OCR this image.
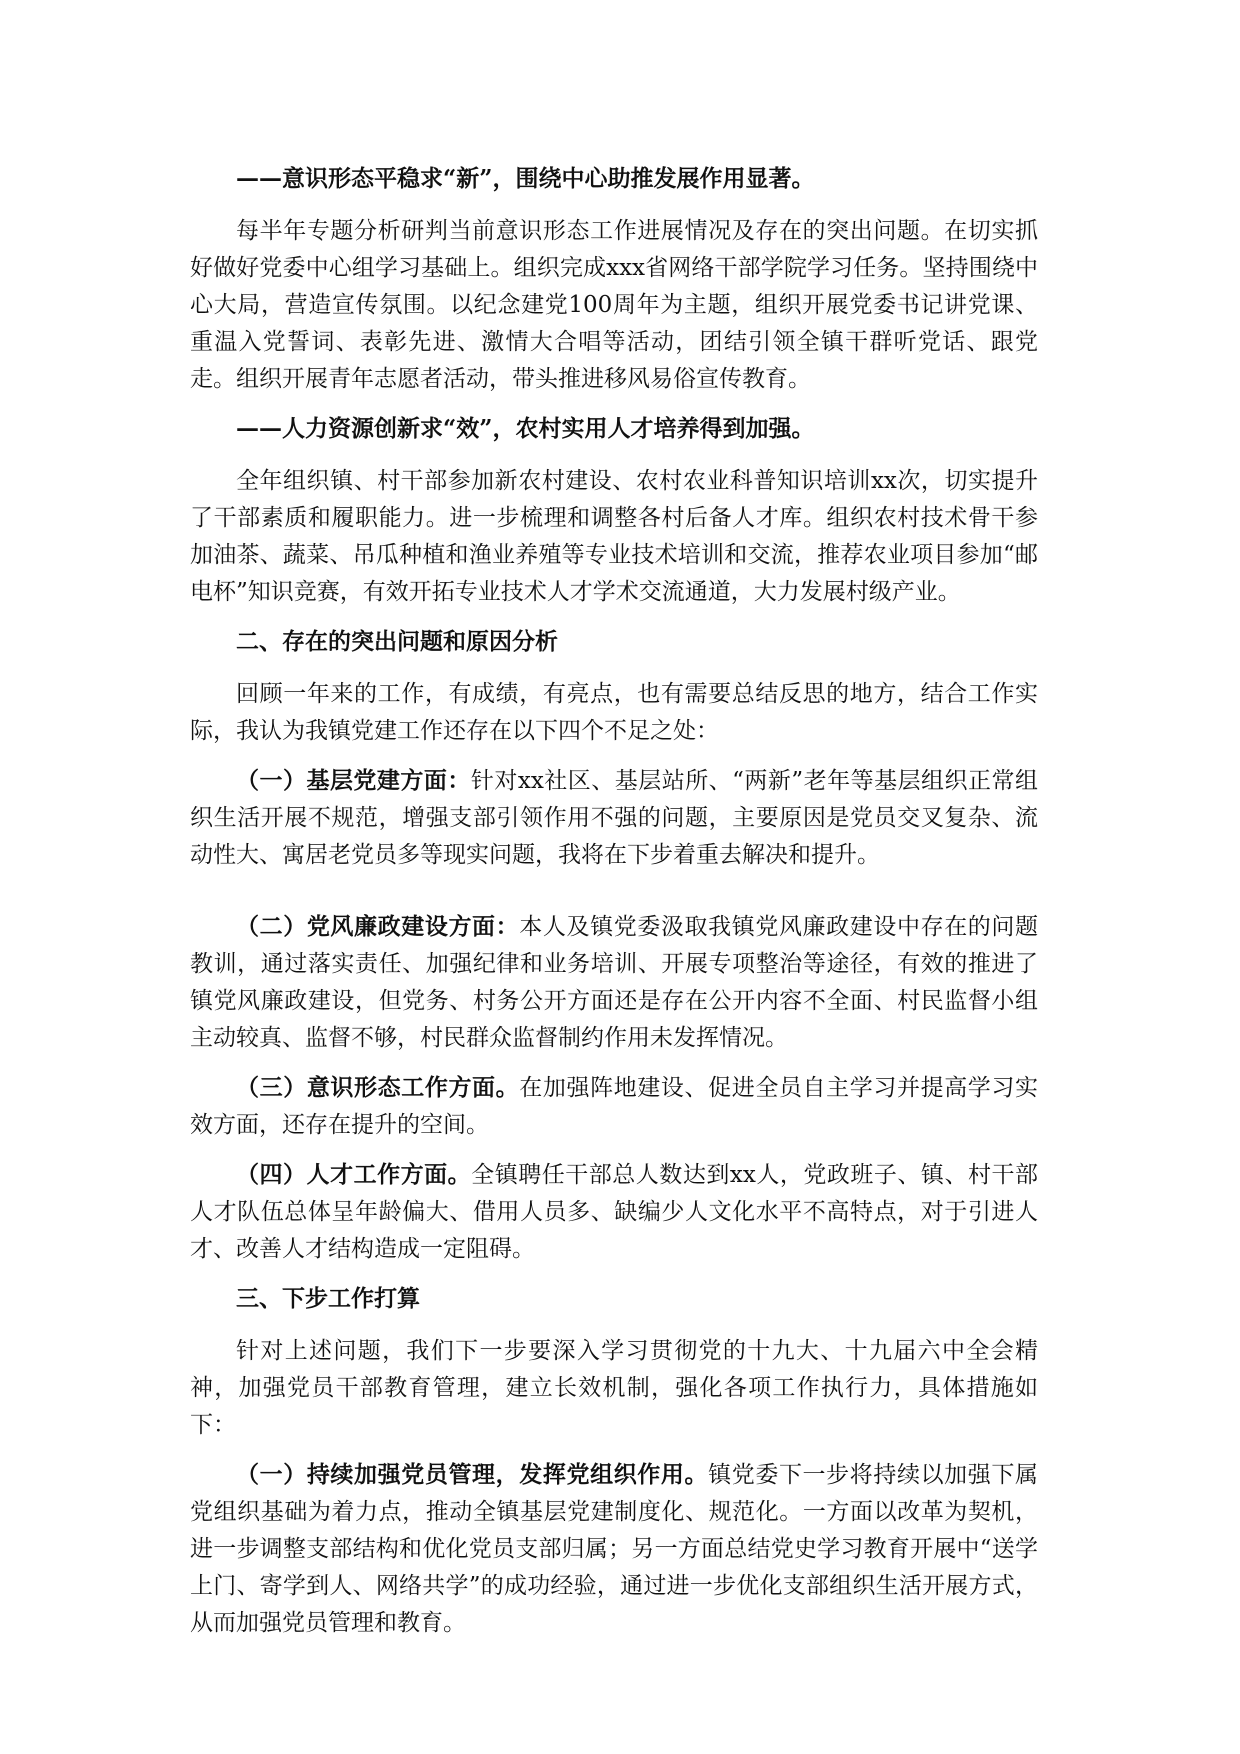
——意识形态平稳求“新”，围绕中心助推发展作用显著。

每半年专题分析研判当前意识形态工作进展情况及存在的突出问题。在切实抓好做好党委中心组学习基础上。组织完成xxx省网络干部学院学习任务。坚持围绕中心大局，营造宣传氛围。以纪念建党100周年为主题，组织开展党委书记讲党课、重温入党誓词、表彰先进、激情大合唱等活动，团结引领全镇干群听党话、跟党走。组织开展青年志愿者活动，带头推进移风易俗宣传教育。

——人力资源创新求“效”，农村实用人才培养得到加强。

全年组织镇、村干部参加新农村建设、农村农业科普知识培训xx次，切实提升了干部素质和履职能力。进一步梳理和调整各村后备人才库。组织农村技术骨干参加油茶、蔬菜、吊瓜种植和渔业养殖等专业技术培训和交流，推荐农业项目参加“邮电杯”知识竞赛，有效开拓专业技术人才学术交流通道，大力发展村级产业。

二、存在的突出问题和原因分析

回顾一年来的工作，有成绩，有亮点，也有需要总结反思的地方，结合工作实际，我认为我镇党建工作还存在以下四个不足之处：

（一）基层党建方面：针对xx社区、基层站所、“两新”老年等基层组织正常组织生活开展不规范，增强支部引领作用不强的问题，主要原因是党员交叉复杂、流动性大、寓居老党员多等现实问题，我将在下步着重去解决和提升。

（二）党风廉政建设方面：本人及镇党委汲取我镇党风廉政建设中存在的问题教训，通过落实责任、加强纪律和业务培训、开展专项整治等途径，有效的推进了镇党风廉政建设，但党务、村务公开方面还是存在公开内容不全面、村民监督小组主动较真、监督不够，村民群众监督制约作用未发挥情况。

（三）意识形态工作方面。在加强阵地建设、促进全员自主学习并提高学习实效方面，还存在提升的空间。

（四）人才工作方面。全镇聘任干部总人数达到xx人，党政班子、镇、村干部人才队伍总体呈年龄偏大、借用人员多、缺编少人文化水平不高特点，对于引进人才、改善人才结构造成一定阻碍。

三、下步工作打算

针对上述问题，我们下一步要深入学习贯彻党的十九大、十九届六中全会精神，加强党员干部教育管理，建立长效机制，强化各项工作执行力，具体措施如下：

（一）持续加强党员管理，发挥党组织作用。镇党委下一步将持续以加强下属党组织基础为着力点，推动全镇基层党建制度化、规范化。一方面以改革为契机，进一步调整支部结构和优化党员支部归属；另一方面总结党史学习教育开展中“送学上门、寄学到人、网络共学”的成功经验，通过进一步优化支部组织生活开展方式，从而加强党员管理和教育。
